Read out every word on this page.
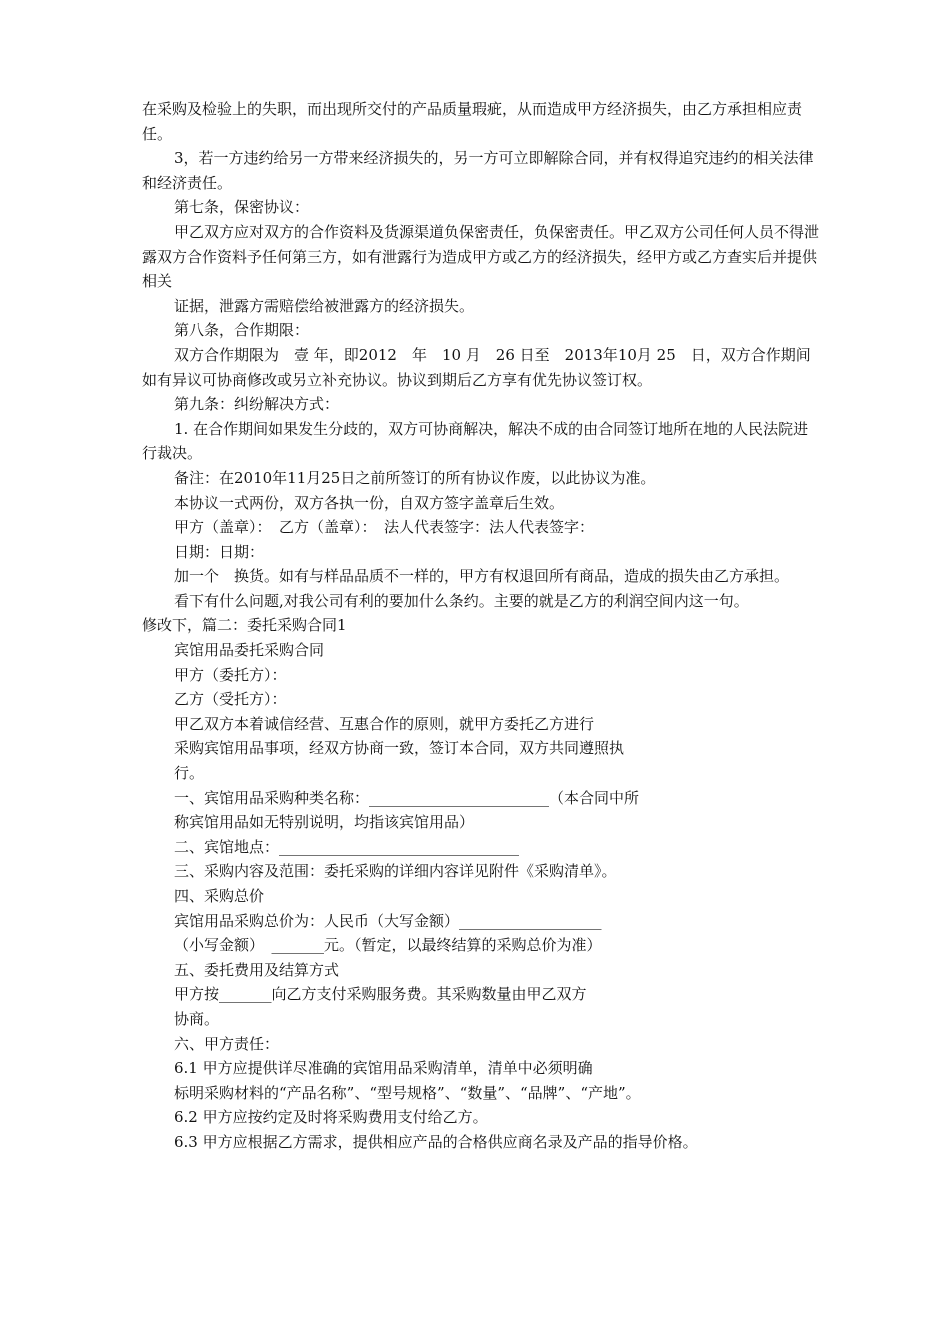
在采购及检验上的失职，而出现所交付的产品质量瑕疵，从而造成甲方经济损失，由乙方承担相应责任。

3，若一方违约给另一方带来经济损失的，另一方可立即解除合同，并有权得追究违约的相关法律和经济责任。

第七条，保密协议：

甲乙双方应对双方的合作资料及货源渠道负保密责任，负保密责任。甲乙双方公司任何人员不得泄露双方合作资料予任何第三方，如有泄露行为造成甲方或乙方的经济损失，经甲方或乙方查实后并提供相关

证据，泄露方需赔偿给被泄露方的经济损失。

第八条，合作期限：

双方合作期限为　壹 年，即2012　年　10 月　26 日至　2013年10月 25　日，双方合作期间如有异议可协商修改或另立补充协议。协议到期后乙方享有优先协议签订权。

第九条：纠纷解决方式：

1. 在合作期间如果发生分歧的，双方可协商解决，解决不成的由合同签订地所在地的人民法院进行裁决。

备注：在2010年11月25日之前所签订的所有协议作废，以此协议为准。

本协议一式两份，双方各执一份，自双方签字盖章后生效。

甲方（盖章）：　乙方（盖章）：　法人代表签字：法人代表签字：

日期：日期：

加一个　换货。如有与样品品质不一样的，甲方有权退回所有商品，造成的损失由乙方承担。

看下有什么问题,对我公司有利的要加什么条约。主要的就是乙方的利润空间内这一句。

修改下，篇二：委托采购合同1

宾馆用品委托采购合同

甲方（委托方）：

乙方（受托方）：

甲乙双方本着诚信经营、互惠合作的原则，就甲方委托乙方进行

采购宾馆用品事项，经双方协商一致，签订本合同，双方共同遵照执

行。

一、宾馆用品采购种类名称：________________________（本合同中所

称宾馆用品如无特别说明，均指该宾馆用品）

二、宾馆地点：________________________________

三、采购内容及范围：委托采购的详细内容详见附件《采购清单》。

四、采购总价

宾馆用品采购总价为：人民币（大写金额）___________________

（小写金额）　_______元。（暂定，以最终结算的采购总价为准）

五、委托费用及结算方式

甲方按_______向乙方支付采购服务费。其采购数量由甲乙双方

协商。

六、甲方责任：

6.1 甲方应提供详尽准确的宾馆用品采购清单，清单中必须明确

标明采购材料的“产品名称”、“型号规格”、“数量”、“品牌”、“产地”。

6.2 甲方应按约定及时将采购费用支付给乙方。

6.3 甲方应根据乙方需求，提供相应产品的合格供应商名录及产品的指导价格。
